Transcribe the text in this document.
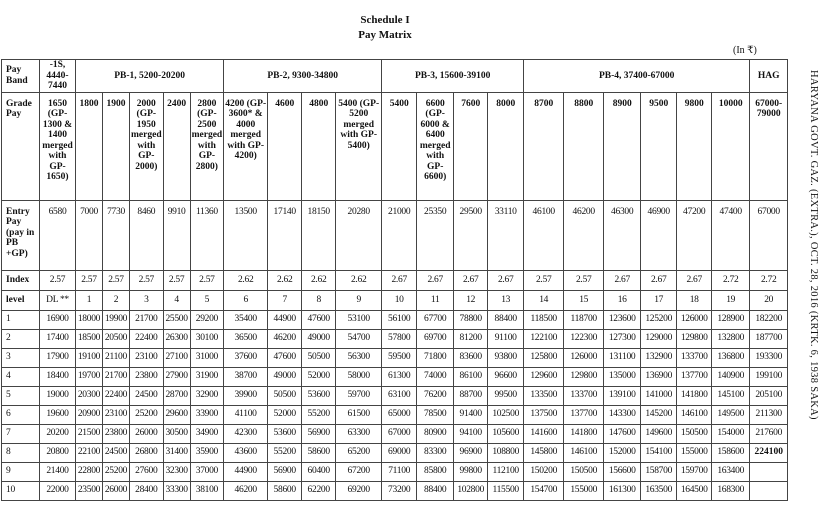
Schedule I
Pay Matrix
(In ₹)
HARYANA GOVT. GAZ. (EXTRA.), OCT. 28, 2016 (KRTK. 6, 1938 SAKA)
Pay Band	-1S, 4440-7440	PB-1, 5200-20200					PB-2, 9300-34800				PB-3, 15600-39100				PB-4, 37400-67000						HAG
Grade Pay	1650 (GP-1300 & 1400 merged with GP-1650)	1800	1900	2000 (GP-1950 merged with GP-2000)	2400	2800 (GP-2500 merged with GP-2800)	4200 (GP-3600* & 4000 merged with GP-4200)	4600	4800	5400 (GP-5200 merged with GP-5400)	5400	6600 (GP-6000 & 6400 merged with GP-6600)	7600	8000	8700	8800	8900	9500	9800	10000	67000-79000
Entry Pay (pay in PB +GP)	6580	7000	7730	8460	9910	11360	13500	17140	18150	20280	21000	25350	29500	33110	46100	46200	46300	46900	47200	47400	67000
Index	2.57	2.57	2.57	2.57	2.57	2.57	2.62	2.62	2.62	2.62	2.67	2.67	2.67	2.67	2.57	2.57	2.67	2.67	2.67	2.72	2.72
level	DL **	1	2	3	4	5	6	7	8	9	10	11	12	13	14	15	16	17	18	19	20
1	16900	18000	19900	21700	25500	29200	35400	44900	47600	53100	56100	67700	78800	88400	118500	118700	123600	125200	126000	128900	182200
2	17400	18500	20500	22400	26300	30100	36500	46200	49000	54700	57800	69700	81200	91100	122100	122300	127300	129000	129800	132800	187700
3	17900	19100	21100	23100	27100	31000	37600	47600	50500	56300	59500	71800	83600	93800	125800	126000	131100	132900	133700	136800	193300
4	18400	19700	21700	23800	27900	31900	38700	49000	52000	58000	61300	74000	86100	96600	129600	129800	135000	136900	137700	140900	199100
5	19000	20300	22400	24500	28700	32900	39900	50500	53600	59700	63100	76200	88700	99500	133500	133700	139100	141000	141800	145100	205100
6	19600	20900	23100	25200	29600	33900	41100	52000	55200	61500	65000	78500	91400	102500	137500	137700	143300	145200	146100	149500	211300
7	20200	21500	23800	26000	30500	34900	42300	53600	56900	63300	67000	80900	94100	105600	141600	141800	147600	149600	150500	154000	217600
8	20800	22100	24500	26800	31400	35900	43600	55200	58600	65200	69000	83300	96900	108800	145800	146100	152000	154100	155000	158600	224100
9	21400	22800	25200	27600	32300	37000	44900	56900	60400	67200	71100	85800	99800	112100	150200	150500	156600	158700	159700	163400	
10	22000	23500	26000	28400	33300	38100	46200	58600	62200	69200	73200	88400	102800	115500	154700	155000	161300	163500	164500	168300	
